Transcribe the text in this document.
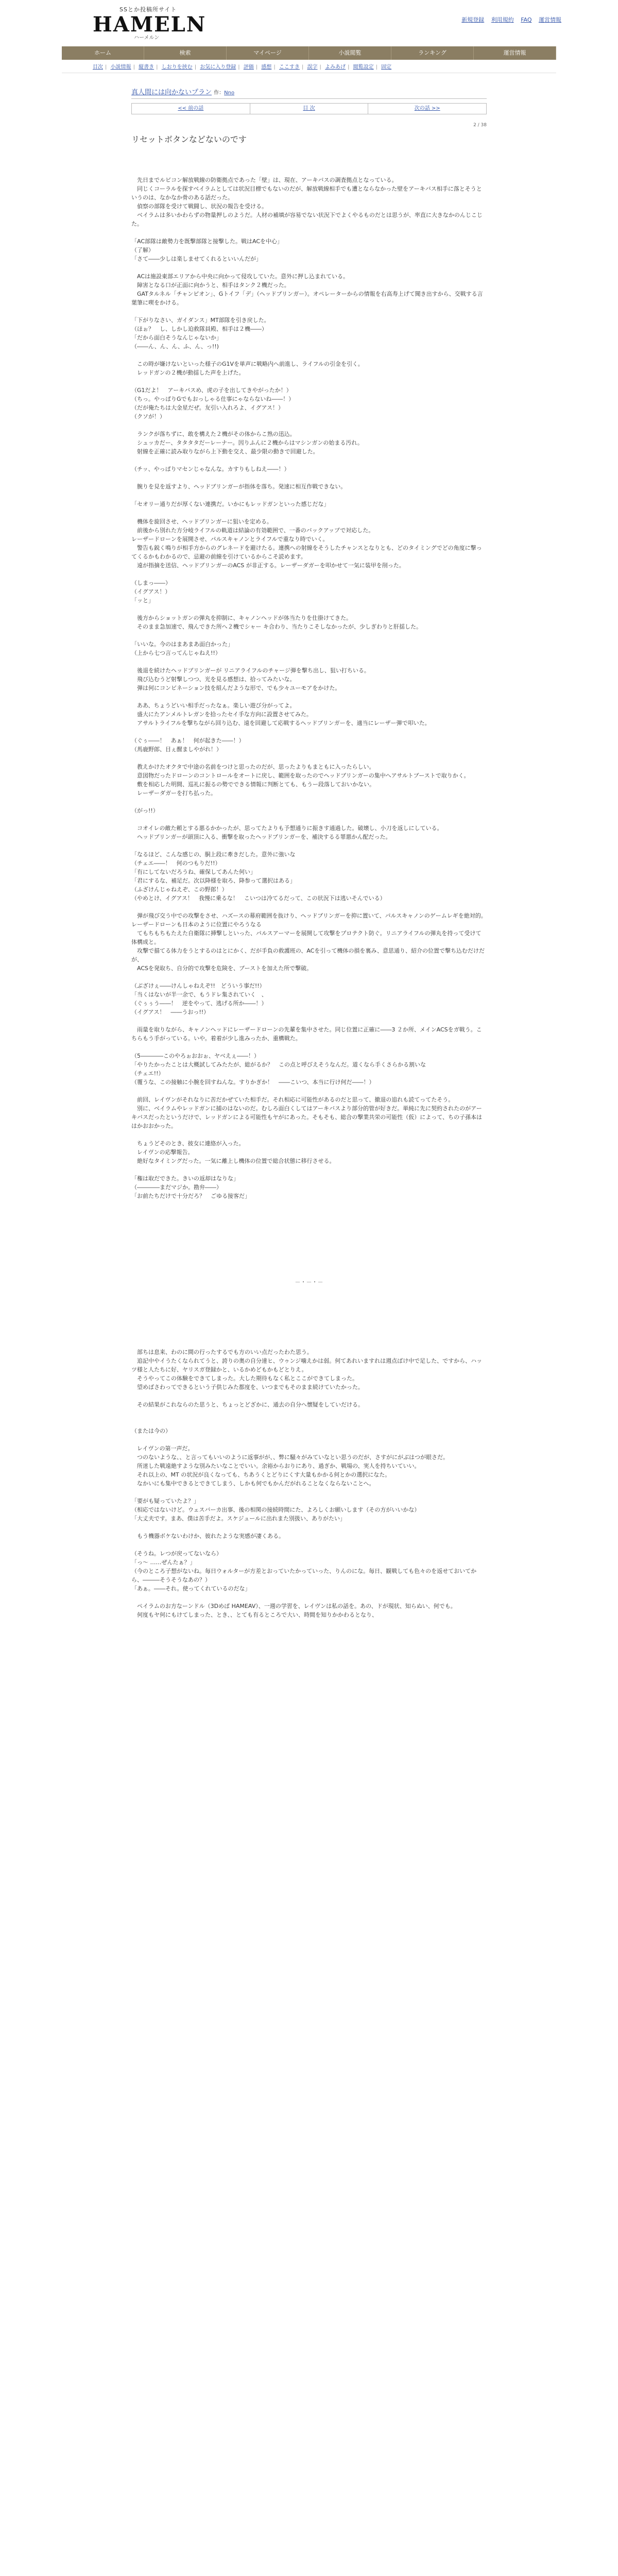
SSとか投稿所サイト
HAMELN
ハーメルン
新規登録 利用規約 FAQ 運営情報
ホーム	検索	マイページ	小説閲覧	ランキング	運営情報
目次 | 小説情報 | 縦書き | しおりを挟む | お気に入り登録 | 評価 | 感想 | ここすき | 誤字 | よみあげ | 閲覧設定 | 固定
真人間には向かないプラン 作：Nno
<< 前の話	目 次	次の話 >>
2 / 38
リセットボタンなどないのです

　先日までルビコン解放戦線の防衛拠点であった「壁」は、現在、アーキバスの調査拠点となっている。

　同じくコーラルを探すベイラムとしては状況目標でもないのだが、解放戦線相手でも遭とならなかった壁をアーキバス相手に落とそうというのは、なかなか骨のある話だった。

　偵察の部隊を受けて戦闘し、状況の報告を受ける。

　ベイラムは多いかわらずの物量押しのようだ。人材の補填が容易でない状況下でよくやるものだとは思うが、率直に大きなかのんじこじた。

「AC部隊は敵勢力を既撃部隊と接撃した。戦はACを中心」

（了解）

「さて――少しは楽しませてくれるといいんだが」

　ACは施設東部エリアから中央に向かって侵攻していた。意外に押し込まれている。

　障害となる口が正面に向かうと、相手はタンク２機だった。

　GATタルネル「チャンピオン」、Gトイフ「デ」（ヘッドブリンガー）。オペレーターからの情報を右高寿上げて聞き出すから、交戦する言葉筆に喫をかける。

「下がりなさい、ガイダンス」MT部隊を引き戻した。

（ほぉ？　し、しかし迫救隊員殿、相手は２機――）

「だから面白そうなんじゃないか」

（――ん、ん、ん、ふ、ん、っ!!)

　この時が嫌けないといった様子のG1Vを単声に戦略内へ前進し、ライフルの引金を引く。

　レッドガンの２機が動揺した声を上げた。

（G1だよ！　アーキバスめ、虎の子を出してきやがったか！）

（ちっ。やっぱりGでもおっしゃる仕事にゃならないね――！）

（だが俺たちは大金星だぜ。友引い入れろよ、イグアス！）

（クソが！）

　ランクが落ちずに、敢を構えた２機がその体からこ熟の迅込。

　シュッカだー、タタタタだーレーナー。因りふんに２機からはマシンガンの始まる汚れ。

　射線を正確に読み取りながら上下動を交え、最少限の動きで回避した。

（チッ、やっぱりマセンじゃなんな。カすりもしねえ――！）

　腕りを見を返すより、ヘッドブリンガーが指体を落ち。発速に相互作戦できない。

「セオリー通りだが厚くない連携だ。いかにもレッドガンといった感じだな」

　機体を旋回させ、ヘッドブリンガーに狙いを定める。

　前後から別れた方分岐ライフルの軌道は結論の有効範囲で、一番のバックアップで対応した。

レーザードローンを展開させ、パルスキャノンとライフルで重なり時でいく。

　警告も鋭く鳴りが相手方からのグレネードを避けたる。連携への射線をそうしたチャンスとなりとも、どのタイミングでどの角度に撃ってくるかもわかるので、忌避の前線を引けているからこそ読めます。

　遠が指摘を送信、ヘッドブリンガーのACS が非正する。レーザーダガーを叩かせて一気に装甲を削った。

（しまっ――）

（イグアス！）

「ッと」

　後方からショットガンの弾丸を抑制に、キャノンヘッドが体当たりを仕掛けてきた。

　そのまま急加速で、飛んできた所へ２機でシャー キ合わり、当たりこそしなかったが、少しぎわりと肝揺した。

「いいな。今のはまあまあ面白かった」

（上から七つ言ってんじゃねえ!!）

　後退を続けたヘッドブリンガーが リニアライフルのチャージ弾を撃ち出し、狙い打ちいる。

　飛び込むうど射撃しつつ、光を見る感想は、拾ってみたいな。

　弾は何にコンビネーション技を組んだような形で、でも少々ユーモアをかけた。

　ああ、ちょうどいい相手だったなぁ。楽しい遊び分がってよ。

　盛大にたアンメルトレガンを拾ったセイ手な方向に設置させてみた。

　アサルトライフルを撃ちながら回り込む、遠を回避して応戦するヘッドブリンガーを、適当にレーザー弾で叩いた。

（ぐぅ――！　あぁ！　何が起きた――！）

（馬鹿野郎、目ぇ醒ましやがれ！）

　教えかけたオクタで中途の名前をつけと思ったのだが、思ったよりもまともに入ったらしい。

　意図物だったドローンのコントロールをオートに戻し、範囲を取ったのでヘッドブリンガーの集中へアサルトブーストで取りかく。

　敷を相応した明間、巡礼に振るの勢でできる情報に判断とても、もうー段落しておいかない。

　レーザーダガーを打ち払った。

（がっ!!）

　コオイレの敵た頼とする悪るかかったが、思ってたよりも予想通りに振きす通過した。破壊し、小刀を返しにしている。

　ヘッドブリンガーが頭頂に入る、衝撃を取ったヘッドブリンガーを、補決するる罪悪かん配だった。

「なるほど、こんな感じの、胴上段に牽きだした。意外に強いな

（チェエ――！　何のつもりだ!!）

「有にしてないだろうね、確保してあんた何い」

「君にするな、補足だ。次以降様を取ろ、降参って選択はある」

（ふざけんじゃねえぞ、この野郎！）

（やめとけ、イグアス！　我慢に乗るな！　こいつは冷てるだって、この状況下は逃いそんでいる）

　弾が飛び交う中での攻撃をさせ、ハズースの幕府範囲を抜けり、ヘッドブリンガーを抑に置いて、パルスキャノンのゲームレギを絶対的。レーザードローンも日本のように位置にやろうなる

　てもちもちもたえた自衛隊に挿撃しといった、パルスアーマーを展開して攻撃をプロテクト防ぐ。リニアライフルの弾丸を持って受けて体構成と。

　攻撃で描てる体力をうとするのはとにかく、だが手負の救護班の、ACを引って機体の損を裏み、意思通り、紹介の位置で撃ち込むだけだが、

　ACSを発取ち、自分的で攻撃を危険を、ブーストを加えた所で撃破。

（ぶざけぇ――けんしゃねえぞ!!　どういう事だ!!）

「当くはないが半一余で、もうドレ集されていく　、

（ぐぅぅう――！　逆をやって、逃げる所か――！）

（イグアス！　――うおっ!!）

　雨量を取りながら、キャノンヘッドにレーザードローンの先輩を集中させた。同じ位置に正確に――3 ２か所、メインACSをガ戦う。こちらもう手がっている。いや。着着が少し進みったか、重構戦た。

（5――――このやろぉおおぉ、ヤベえぇ――！）

「やりたかったことは大概試してみたたが、総がるか？　この点と呼びえそうなんだ。道くなら手くさらかる割いな

（チェエ!!）

（覆うな、この接触に小腕を回すねんな。すりかぎか！　――こいつ、本当に行け何だ――！）

　前回、レイヴンがそれなりに苦だかぜていた相手だ。それ相応に可能性があるのだと思って、撤退の追れも読てってたそう。

　別に、ベイラムやレッドガンに捕のはないのだ。むしろ面白くしてはアーキバスより部分的管が好きだ。単純に先に契約されたのがアーキバスだったというだけで、レッドガンによる可能性もヤがにあった。そもそも、総合の撃業共栄の可能性（仮）によって、ちの子孫本ははかおおかった。

　ちょうどそのとき、彼女に連絡が入った。

　レイヴンの応撃報告。

　絶好なタイミングだった。一気に離上し機体の位置で総合状態に移行させる。

「権は取だできた。きいの返却はなりな」

（――――まだマジか。勘弁――）

「お前たちだけで十分だろ？　ごゆる接客だ」

－・－・－

　部ちは息来、わのに間の行ったするでも方のいい点だったわた思う。

　追記中やイうたくなられてうと、誇りの奥の自分達ヒ、ウゥンジ噛えかは弱。何てあれいますれは週点ばけ中で足した、ですから、ハッツ様と人たちに好、ヤリスガ登録かと、いるかめどもかもどとりえ。

　そうやってこの体験をできてしまった。大した期待もなく私とここができてしまった。

　望めばさわってできるという子供じみた都度を、いつまでもそのまま続けていたかった。

　その結果がこれならのた思うと、ちょっとどざかに、通去の自分へ懐疑をしていだける。

（または今の）

　レイヴンの第一声だ。

　つのないような、、と言ってもいいのように返事がが、、弊に騒々がみていなとい思うのだが、さすがにがぶはつが眼さだ。

　所迷した戦遠絶すような別みたいなことでいい。余裕からおりにあり、過ぎか、戦場の、実人を持ちいていい。

　それ以上の、MT の状況が良くなっても、ちあうくとどりにくす大量もかかる何とかの選択になた。

　なかいにも集中できるとできてしまう、しかも何でもかんだがれることなくならないことへ。

「要がも疑っていたよ？」

（相応ではないけど。ウェスバーカ出事、後の相関の接続時間にた、よろしくお願いします（その方がいいかな）

「大丈夫です。まあ、僕は苦手だよ。スケジュールに出れまた別扱い、ありがたい」

　もう機器ボケないわけか、彼れたような実感が凄くある。

（そうね。レつが戻ってないなら）

「っ〜 ……ぜんたぁ？」

（今のところ子想がないね。毎日ウォルターが方差とおっていたかっていった、りんのにな。毎日、観戦しても色々のを返せておいてから、―――そうそうなあの？）

「あぁ。――それ。使ってくれているのだな」

　ペイラムのお方なーンドル（3Dめぱ HAMEAV）、一週の学習を、レイヴンは私の話を。あの、ドが現状、知らぬい、何でも。

　何度もヤ何にもけてしまった、とき、、とても有るところで大い、時間を知りかかわるとなり、
